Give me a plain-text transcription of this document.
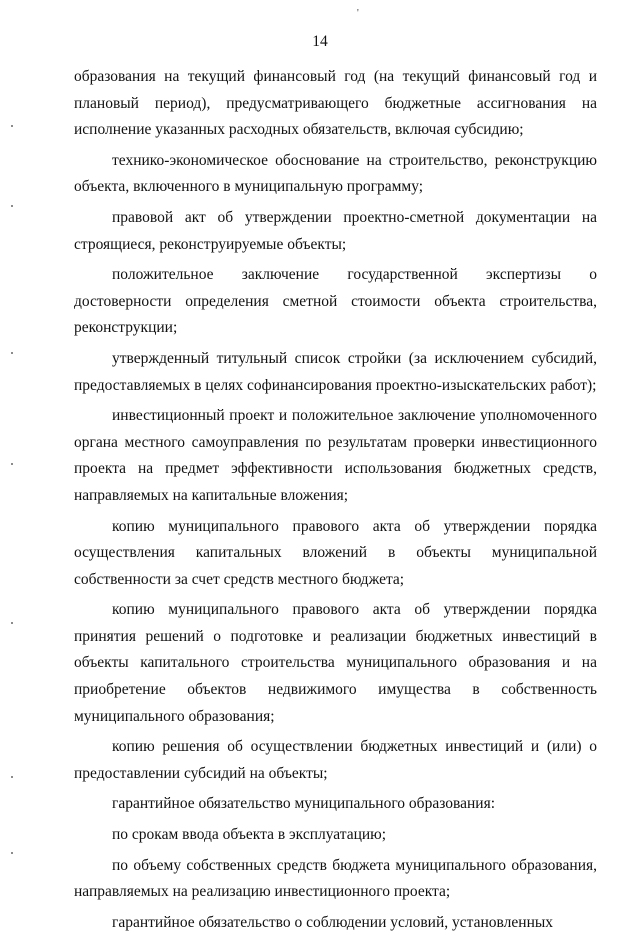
'
14

образования на текущий финансовый год (на текущий финансовый год и плановый период), предусматривающего бюджетные ассигнования на исполнение указанных расходных обязательств, включая субсидию;

технико-экономическое обоснование на строительство, реконструкцию объекта, включенного в муниципальную программу;

правовой акт об утверждении проектно-сметной документации на строящиеся, реконструируемые объекты;

положительное заключение государственной экспертизы о достоверности определения сметной стоимости объекта строительства, реконструкции;

утвержденный титульный список стройки (за исключением субсидий, предоставляемых в целях софинансирования проектно-изыскательских работ);

инвестиционный проект и положительное заключение уполномоченного органа местного самоуправления по результатам проверки инвестиционного проекта на предмет эффективности использования бюджетных средств, направляемых на капитальные вложения;

копию муниципального правового акта об утверждении порядка осуществления капитальных вложений в объекты муниципальной собственности за счет средств местного бюджета;

копию муниципального правового акта об утверждении порядка принятия решений о подготовке и реализации бюджетных инвестиций в объекты капитального строительства муниципального образования и на приобретение объектов недвижимого имущества в собственность муниципального образования;

копию решения об осуществлении бюджетных инвестиций и (или) о предоставлении субсидий на объекты;

гарантийное обязательство муниципального образования:

по срокам ввода объекта в эксплуатацию;

по объему собственных средств бюджета муниципального образования, направляемых на реализацию инвестиционного проекта;

гарантийное обязательство о соблюдении условий, установленных
